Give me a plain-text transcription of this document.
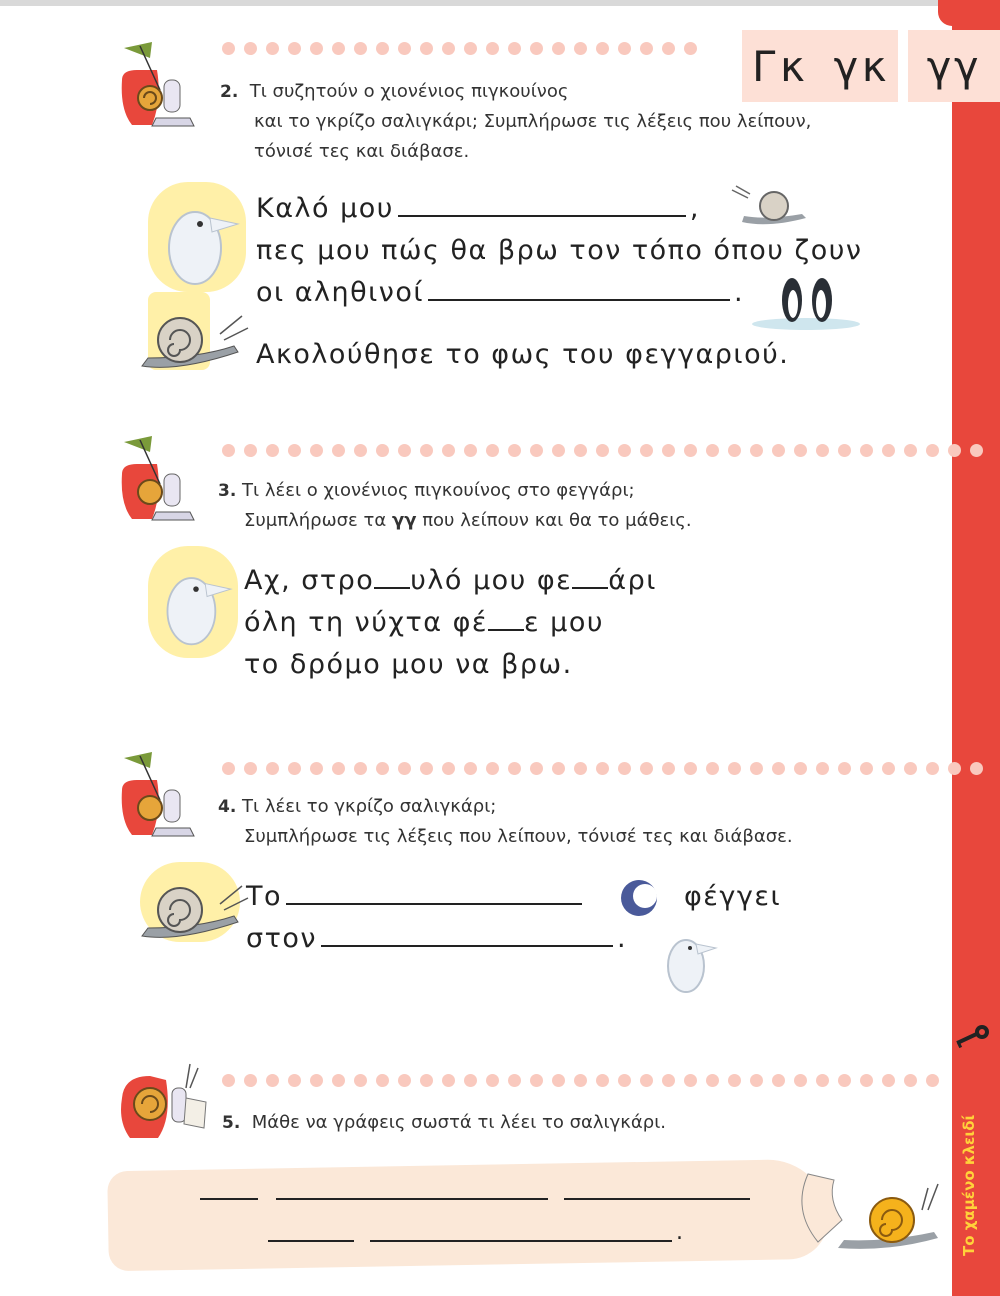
Το χαμένο κλειδί
Γκ γκ γγ
2. Τι συζητούν ο χιονένιος πιγκουίνος
και το γκρίζο σαλιγκάρι; Συμπλήρωσε τις λέξεις που λείπουν,
τόνισέ τες και διάβασε.
Καλό μου	,
πες μου πώς θα βρω τον τόπο όπου ζουν
οι αληθινοί	.
Ακολούθησε το φως του φεγγαριού.
3. Τι λέει ο χιονένιος πιγκουίνος στο φεγγάρι;
Συμπλήρωσε τα γγ που λείπουν και θα το μάθεις.
Αχ, στρο υλό μου φε άρι
όλη τη νύχτα φέ ε μου
το δρόμο μου να βρω.
4. Τι λέει το γκρίζο σαλιγκάρι;
Συμπλήρωσε τις λέξεις που λείπουν, τόνισέ τες και διάβασε.
Το
στον	.
φέγγει
5. Μάθε να γράφεις σωστά τι λέει το σαλιγκάρι.
.
